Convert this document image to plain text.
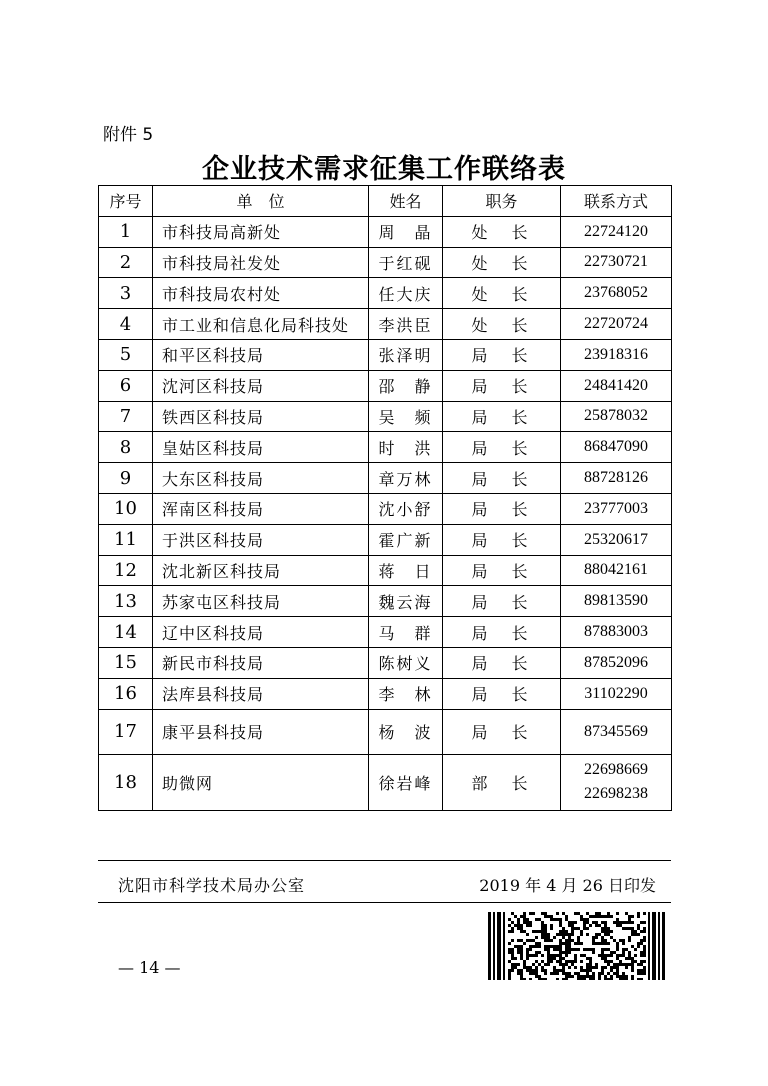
附件 5
企业技术需求征集工作联络表
序号	单　位	姓名	职务	联系方式
1	市科技局高新处	周　晶	处长	22724120

2	市科技局社发处	于红砚	处长	22730721

3	市科技局农村处	任大庆	处长	23768052

4	市工业和信息化局科技处	李洪臣	处长	22720724

5	和平区科技局	张泽明	局长	23918316

6	沈河区科技局	邵　静	局长	24841420

7	铁西区科技局	吴　频	局长	25878032

8	皇姑区科技局	时　洪	局长	86847090

9	大东区科技局	章万林	局长	88728126

10	浑南区科技局	沈小舒	局长	23777003

11	于洪区科技局	霍广新	局长	25320617

12	沈北新区科技局	蒋　日	局长	88042161

13	苏家屯区科技局	魏云海	局长	89813590

14	辽中区科技局	马　群	局长	87883003

15	新民市科技局	陈树义	局长	87852096

16	法库县科技局	李　林	局长	31102290

17	康平县科技局	杨　波	局长	87345569

18	助微网	徐岩峰	部长	22698669
22698238
沈阳市科学技术局办公室	2019 年 4 月 26 日印发
— 14 —
